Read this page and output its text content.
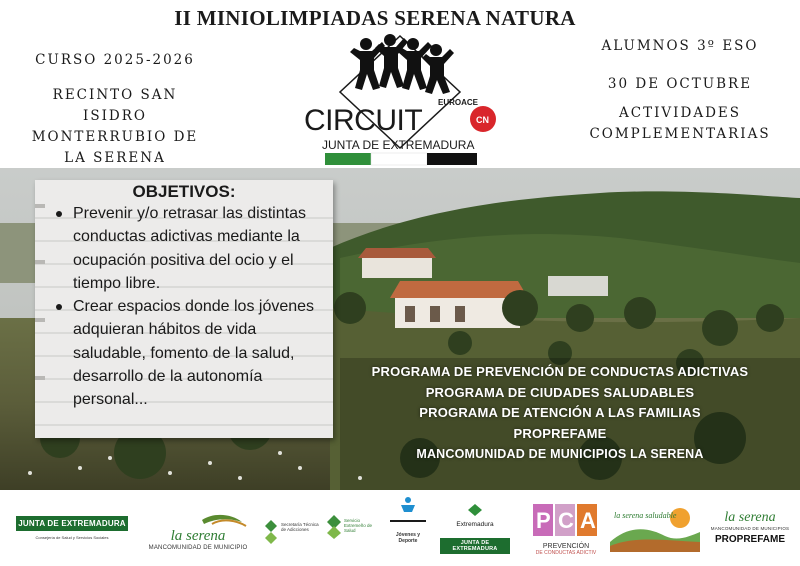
II MINIOLIMPIADAS SERENA NATURA
CURSO 2025-2026
RECINTO SAN ISIDRO MONTERRUBIO DE LA SERENA
ALUMNOS 3º ESO
30 DE OCTUBRE
ACTIVIDADES COMPLEMENTARIAS
EUROACE
CIRCUIT	CN
JUNTA DE EXTREMADURA
OBJETIVOS:
Prevenir y/o retrasar las distintas conductas adictivas mediante la ocupación positiva del ocio y el tiempo libre.
Crear espacios donde los jóvenes adquieran hábitos de vida saludable, fomento de la salud, desarrollo de la autonomía personal...
PROGRAMA DE PREVENCIÓN DE CONDUCTAS ADICTIVAS
PROGRAMA DE CIUDADES SALUDABLES
PROGRAMA DE ATENCIÓN A LAS FAMILIAS
PROPREFAME
MANCOMUNIDAD DE MUNICIPIOS LA SERENA
JUNTA DE EXTREMADURA
Consejería de Salud y Servicios Sociales	la serena
MANCOMUNIDAD DE MUNICIPIO
Secretaría Técnica de Adicciones
Servicio Extremeño de Salud
Jóvenes y Deporte
Extremadura
JUNTA DE EXTREMADURA
P C A
PREVENCIÓN
DE CONDUCTAS ADICTIV
la serena saludable	la serena
MANCOMUNIDAD DE MUNICIPIOS
PROPREFAME
